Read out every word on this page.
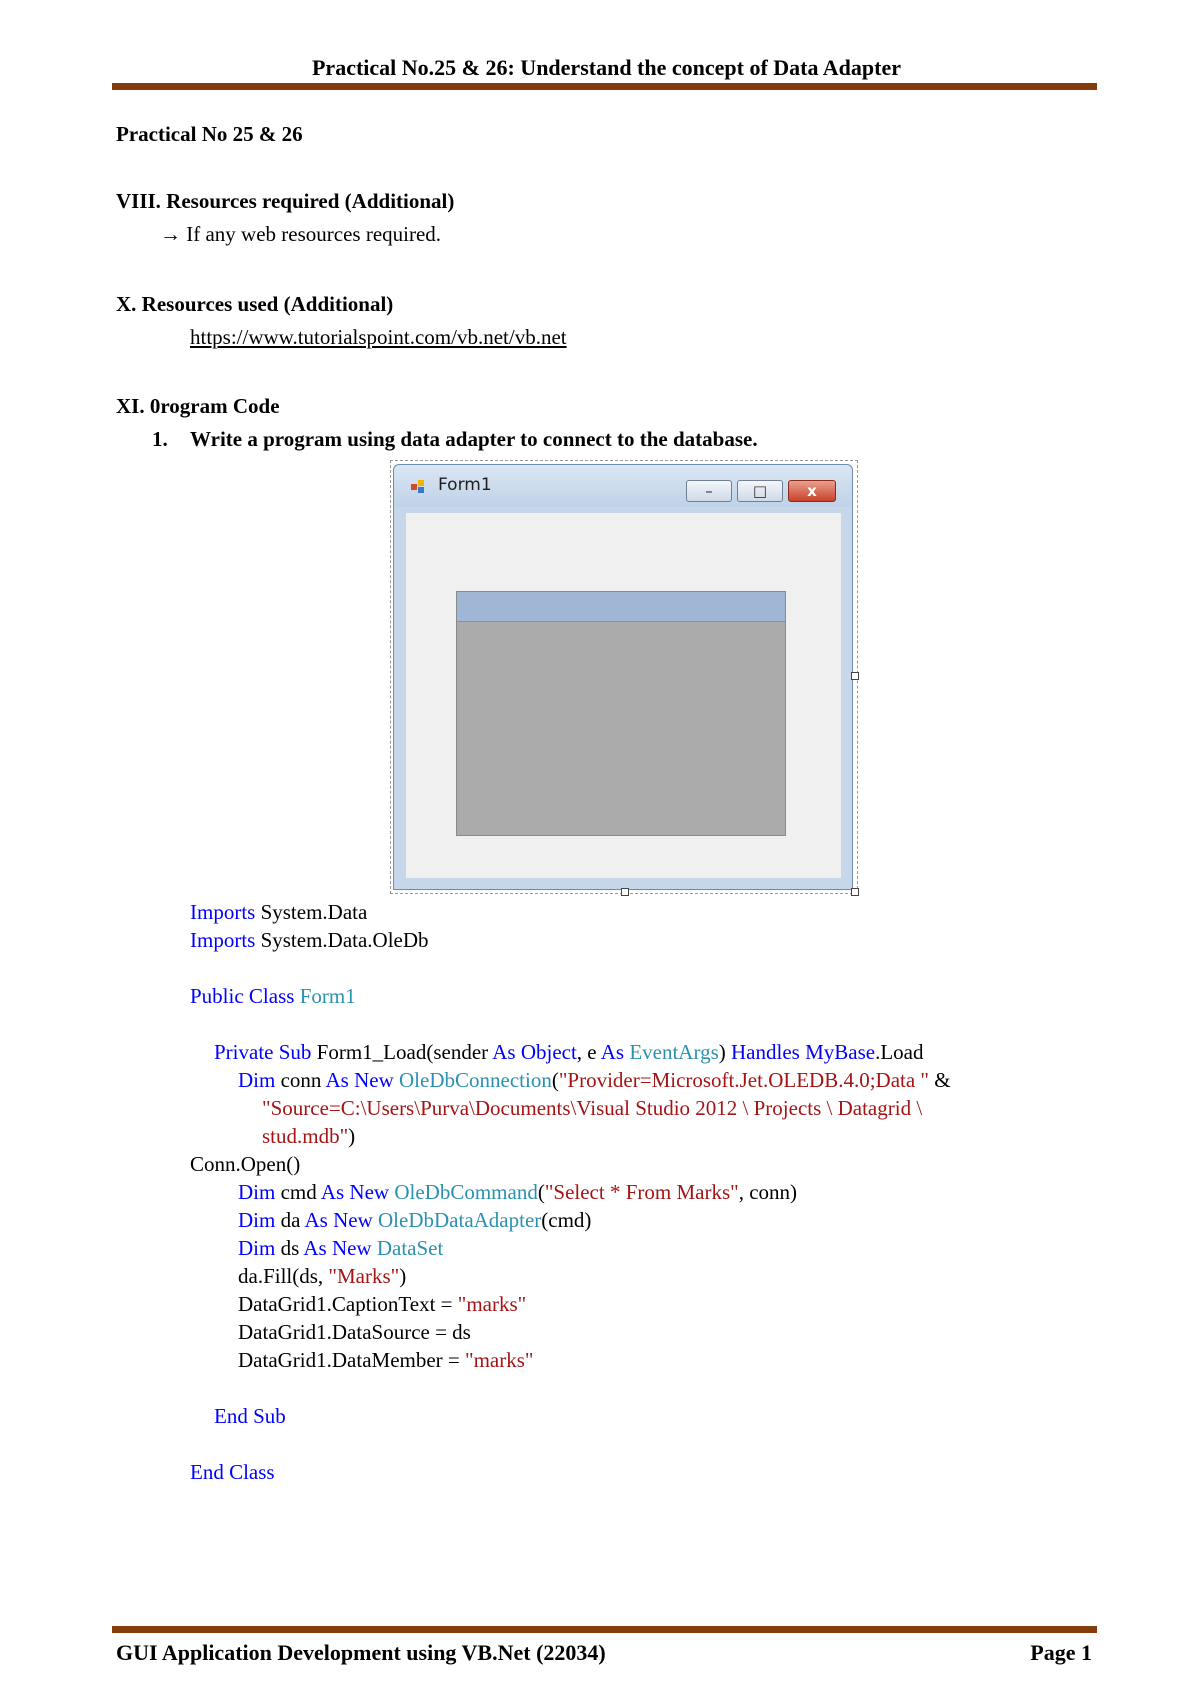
Practical No.25 & 26: Understand the concept of Data Adapter
Practical No 25 & 26
VIII. Resources required (Additional)
→ If any web resources required.
X. Resources used (Additional)
https://www.tutorialspoint.com/vb.net/vb.net
XI. 0rogram Code
1. Write a program using data adapter to connect to the database.
Form1	–	□	x
Imports System.Data
Imports System.Data.OleDb
Public Class Form1
Private Sub Form1_Load(sender As Object, e As EventArgs) Handles MyBase.Load
Dim conn As New OleDbConnection("Provider=Microsoft.Jet.OLEDB.4.0;Data " &
"Source=C:\Users\Purva\Documents\Visual Studio 2012 \ Projects \ Datagrid \
stud.mdb")
Conn.Open()
Dim cmd As New OleDbCommand("Select * From Marks", conn)
Dim da As New OleDbDataAdapter(cmd)
Dim ds As New DataSet
da.Fill(ds, "Marks")
DataGrid1.CaptionText = "marks"
DataGrid1.DataSource = ds
DataGrid1.DataMember = "marks"
End Sub
End Class
GUI Application Development using VB.Net (22034)	Page 1
